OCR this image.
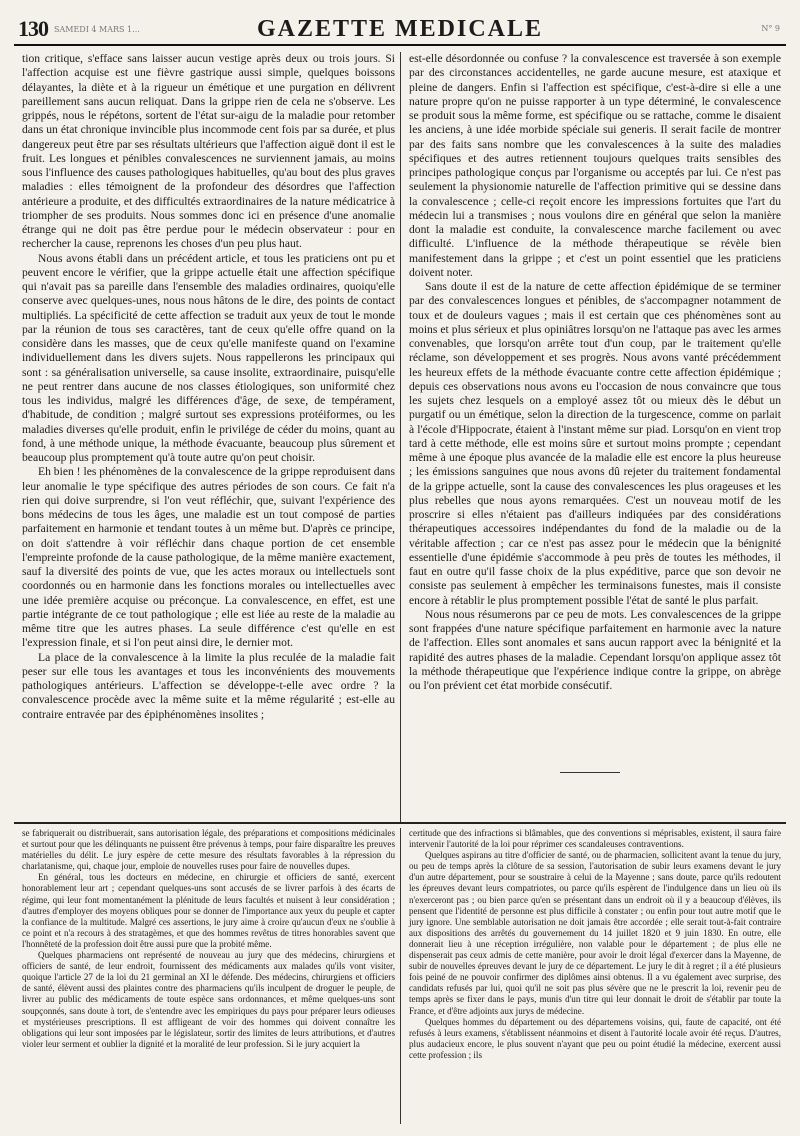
130 SAMEDI 4 MARS 1...	GAZETTE MEDICALE	N° 9

tion critique, s'efface sans laisser aucun vestige après deux ou trois jours. Si l'affection acquise est une fièvre gastrique aussi simple, quelques boissons délayantes, la diète et à la rigueur un émétique et une purgation en délivrent pareillement sans aucun reliquat. Dans la grippe rien de cela ne s'observe. Les grippés, nous le répétons, sortent de l'état sur-aigu de la maladie pour retomber dans un état chronique invincible plus incommode cent fois par sa durée, et plus dangereux peut être par ses résultats ultérieurs que l'affection aiguë dont il est le fruit. Les longues et pénibles convalescences ne surviennent jamais, au moins sous l'influence des causes pathologiques habituelles, qu'au bout des plus graves maladies : elles témoignent de la profondeur des désordres que l'affection antérieure a produite, et des difficultés extraordinaires de la nature médicatrice à triompher de ses produits. Nous sommes donc ici en présence d'une anomalie étrange qui ne doit pas être perdue pour le médecin observateur : pour en rechercher la cause, reprenons les choses d'un peu plus haut.

Nous avons établi dans un précédent article, et tous les praticiens ont pu et peuvent encore le vérifier, que la grippe actuelle était une affection spécifique qui n'avait pas sa pareille dans l'ensemble des maladies ordinaires, quoiqu'elle conserve avec quelques-unes, nous nous hâtons de le dire, des points de contact multipliés. La spécificité de cette affection se traduit aux yeux de tout le monde par la réunion de tous ses caractères, tant de ceux qu'elle offre quand on la considère dans les masses, que de ceux qu'elle manifeste quand on l'examine individuellement dans les divers sujets. Nous rappellerons les principaux qui sont : sa généralisation universelle, sa cause insolite, extraordinaire, puisqu'elle ne peut rentrer dans aucune de nos classes étiologiques, son uniformité chez tous les individus, malgré les différences d'âge, de sexe, de tempérament, d'habitude, de condition ; malgré surtout ses expressions protéiformes, ou les maladies diverses qu'elle produit, enfin le privilége de céder du moins, quant au fond, à une méthode unique, la méthode évacuante, beaucoup plus sûrement et beaucoup plus promptement qu'à toute autre qu'on peut choisir.

Eh bien ! les phénomènes de la convalescence de la grippe reproduisent dans leur anomalie le type spécifique des autres périodes de son cours. Ce fait n'a rien qui doive surprendre, si l'on veut réfléchir, que, suivant l'expérience des bons médecins de tous les âges, une maladie est un tout composé de parties parfaitement en harmonie et tendant toutes à un même but. D'après ce principe, on doit s'attendre à voir réfléchir dans chaque portion de cet ensemble l'empreinte profonde de la cause pathologique, de la même manière exactement, sauf la diversité des points de vue, que les actes moraux ou intellectuels sont coordonnés ou en harmonie dans les fonctions morales ou intellectuelles avec une idée première acquise ou préconçue. La convalescence, en effet, est une partie intégrante de ce tout pathologique ; elle est liée au reste de la maladie au même titre que les autres phases. La seule différence c'est qu'elle en est l'expression finale, et si l'on peut ainsi dire, le dernier mot.

La place de la convalescence à la limite la plus reculée de la maladie fait peser sur elle tous les avantages et tous les inconvénients des mouvements pathologiques antérieurs. L'affection se développe-t-elle avec ordre ? la convalescence procède avec la même suite et la même régularité ; est-elle au contraire entravée par des épiphénomènes insolites ;

est-elle désordonnée ou confuse ? la convalescence est traversée à son exemple par des circonstances accidentelles, ne garde aucune mesure, est ataxique et pleine de dangers. Enfin si l'affection est spécifique, c'est-à-dire si elle a une nature propre qu'on ne puisse rapporter à un type déterminé, le convalescence se produit sous la même forme, est spécifique ou se rattache, comme le disaient les anciens, à une idée morbide spéciale sui generis. Il serait facile de montrer par des faits sans nombre que les convalescences à la suite des maladies spécifiques et des autres retiennent toujours quelques traits sensibles des principes pathologique conçus par l'organisme ou acceptés par lui. Ce n'est pas seulement la physionomie naturelle de l'affection primitive qui se dessine dans la convalescence ; celle-ci reçoit encore les impressions fortuites que l'art du médecin lui a transmises ; nous voulons dire en général que selon la manière dont la maladie est conduite, la convalescence marche facilement ou avec difficulté. L'influence de la méthode thérapeutique se révèle bien manifestement dans la grippe ; et c'est un point essentiel que les praticiens doivent noter.

Sans doute il est de la nature de cette affection épidémique de se terminer par des convalescences longues et pénibles, de s'accompagner notamment de toux et de douleurs vagues ; mais il est certain que ces phénomènes sont au moins et plus sérieux et plus opiniâtres lorsqu'on ne l'attaque pas avec les armes convenables, que lorsqu'on arrête tout d'un coup, par le traitement qu'elle réclame, son développement et ses progrès. Nous avons vanté précédemment les heureux effets de la méthode évacuante contre cette affection épidémique ; depuis ces observations nous avons eu l'occasion de nous convaincre que tous les sujets chez lesquels on a employé assez tôt ou mieux dès le début un purgatif ou un émétique, selon la direction de la turgescence, comme on parlait à l'école d'Hippocrate, étaient à l'instant même sur piad. Lorsqu'on en vient trop tard à cette méthode, elle est moins sûre et surtout moins prompte ; cependant même à une époque plus avancée de la maladie elle est encore la plus heureuse ; les émissions sanguines que nous avons dû rejeter du traitement fondamental de la grippe actuelle, sont la cause des convalescences les plus orageuses et les plus rebelles que nous ayons remarquées. C'est un nouveau motif de les proscrire si elles n'étaient pas d'ailleurs indiquées par des considérations thérapeutiques accessoires indépendantes du fond de la maladie ou de la véritable affection ; car ce n'est pas assez pour le médecin que la bénignité essentielle d'une épidémie s'accommode à peu près de toutes les méthodes, il faut en outre qu'il fasse choix de la plus expéditive, parce que son devoir ne consiste pas seulement à empêcher les terminaisons funestes, mais il consiste encore à rétablir le plus promptement possible l'état de santé le plus parfait.

Nous nous résumerons par ce peu de mots. Les convalescences de la grippe sont frappées d'une nature spécifique parfaitement en harmonie avec la nature de l'affection. Elles sont anomales et sans aucun rapport avec la bénignité et la rapidité des autres phases de la maladie. Cependant lorsqu'on applique assez tôt la méthode thérapeutique que l'expérience indique contre la grippe, on abrège ou l'on prévient cet état morbide consécutif.

se fabriquerait ou distribuerait, sans autorisation légale, des préparations et compositions médicinales et surtout pour que les délinquants ne puissent être prévenus à temps, pour faire disparaître les preuves matérielles du délit. Le jury espère de cette mesure des résultats favorables à la répression du charlatanisme, qui, chaque jour, emploie de nouvelles ruses pour faire de nouvelles dupes.

En général, tous les docteurs en médecine, en chirurgie et officiers de santé, exercent honorablement leur art ; cependant quelques-uns sont accusés de se livrer parfois à des écarts de régime, qui leur font momentanément la plénitude de leurs facultés et nuisent à leur considération ; d'autres d'employer des moyens obliques pour se donner de l'importance aux yeux du peuple et capter la confiance de la multitude. Malgré ces assertions, le jury aime à croire qu'aucun d'eux ne s'oublie à ce point et n'a recours à des stratagèmes, et que des hommes revêtus de titres honorables savent que l'honnêteté de la profession doit être aussi pure que la probité même.

Quelques pharmaciens ont représenté de nouveau au jury que des médecins, chirurgiens et officiers de santé, de leur endroit, fournissent des médicaments aux malades qu'ils vont visiter, quoique l'article 27 de la loi du 21 germinal an XI le défende. Des médecins, chirurgiens et officiers de santé, élèvent aussi des plaintes contre des pharmaciens qu'ils inculpent de droguer le peuple, de livrer au public des médicaments de toute espèce sans ordonnances, et même quelques-uns sont soupçonnés, sans doute à tort, de s'entendre avec les empiriques du pays pour préparer leurs odieuses et mystérieuses prescriptions. Il est affligeant de voir des hommes qui doivent connaître les obligations qui leur sont imposées par le législateur, sortir des limites de leurs attributions, et d'autres violer leur serment et oublier la dignité et la moralité de leur profession. Si le jury acquiert la

certitude que des infractions si blâmables, que des conventions si méprisables, existent, il saura faire intervenir l'autorité de la loi pour réprimer ces scandaleuses contraventions.

Quelques aspirans au titre d'officier de santé, ou de pharmacien, sollicitent avant la tenue du jury, ou peu de temps après la clôture de sa session, l'autorisation de subir leurs examens devant le jury d'un autre département, pour se soustraire à celui de la Mayenne ; sans doute, parce qu'ils redoutent les épreuves devant leurs compatriotes, ou parce qu'ils espèrent de l'indulgence dans un lieu où ils n'exerceront pas ; ou bien parce qu'en se présentant dans un endroit où il y a beaucoup d'élèves, ils pensent que l'identité de personne est plus difficile à constater ; ou enfin pour tout autre motif que le jury ignore. Une semblable autorisation ne doit jamais être accordée ; elle serait tout-à-fait contraire aux dispositions des arrêtés du gouvernement du 14 juillet 1820 et 9 juin 1830. En outre, elle donnerait lieu à une réception irrégulière, non valable pour le département ; de plus elle ne dispenserait pas ceux admis de cette manière, pour avoir le droit légal d'exercer dans la Mayenne, de subir de nouvelles épreuves devant le jury de ce département. Le jury le dit à regret ; il a été plusieurs fois peiné de ne pouvoir confirmer des diplômes ainsi obtenus. Il a vu également avec surprise, des candidats refusés par lui, quoi qu'il ne soit pas plus sévère que ne le prescrit la loi, revenir peu de temps après se fixer dans le pays, munis d'un titre qui leur donnait le droit de s'établir par toute la France, et d'être adjoints aux jurys de médecine.

Quelques hommes du département ou des départemens voisins, qui, faute de capacité, ont été refusés à leurs examens, s'établissent néanmoins et disent à l'autorité locale avoir été reçus. D'autres, plus audacieux encore, le plus souvent n'ayant que peu ou point étudié la médecine, exercent aussi cette profession ; ils
